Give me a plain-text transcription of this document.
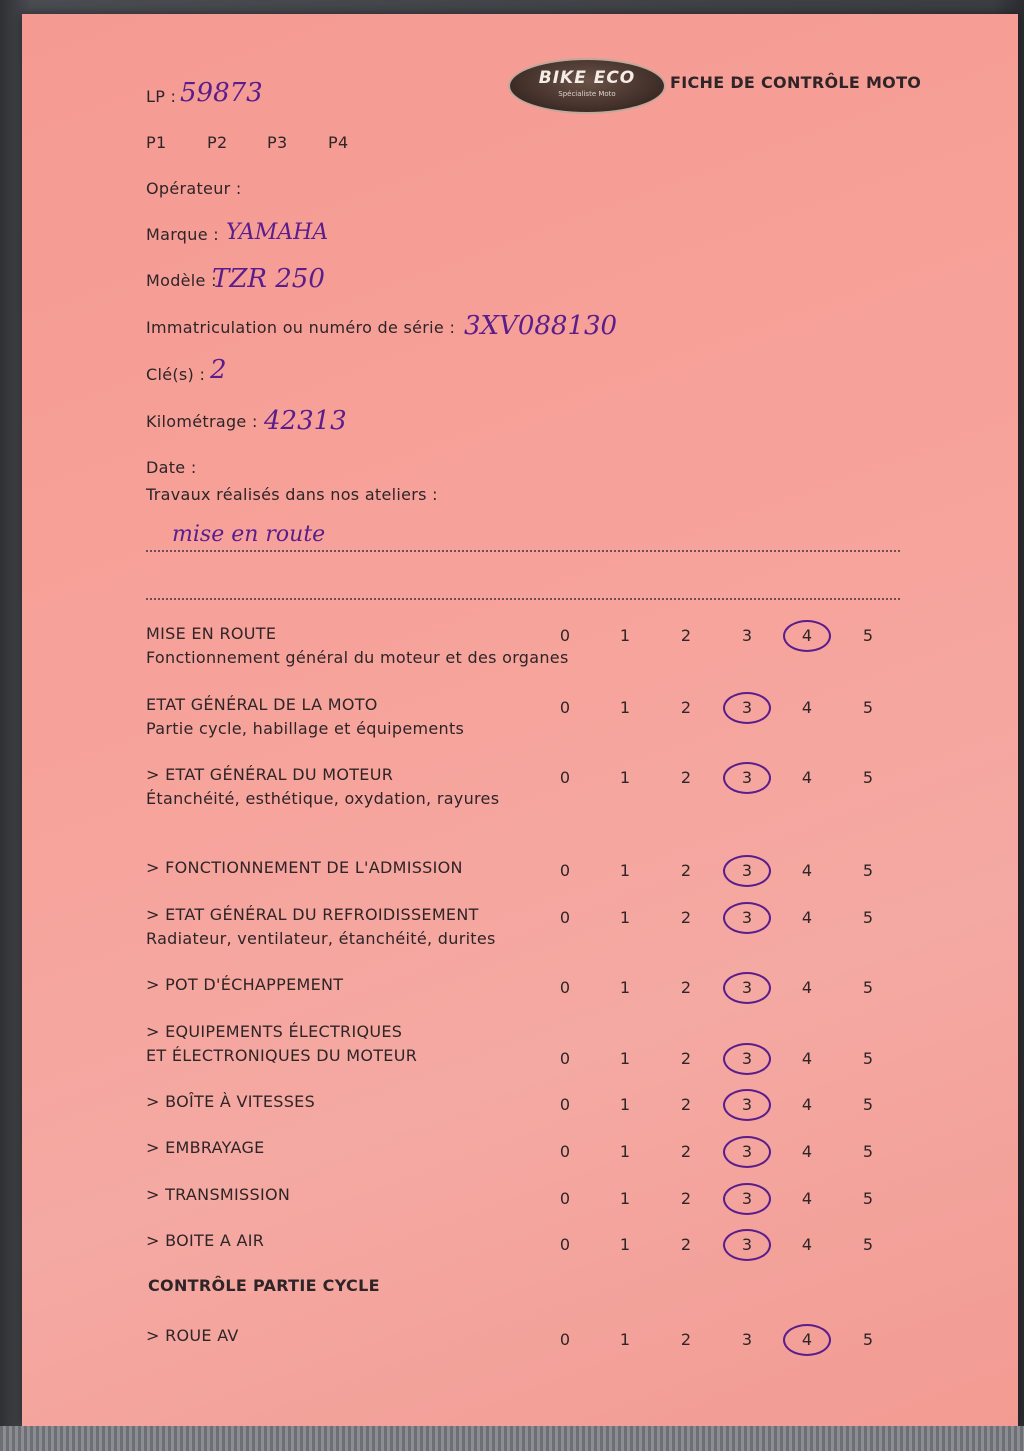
BIKE ECO
Spécialiste Moto
FICHE DE CONTRÔLE MOTO
LP : 59873
P1	P2 P3	P4
Opérateur :
Marque : YAMAHA
Modèle :
TZR 250
Immatriculation ou numéro de série : 3XV088130
Clé(s) : 2
Kilométrage : 42313
Date :
Travaux réalisés dans nos ateliers :
mise en route
MISE EN ROUTE
Fonctionnement général du moteur et des organes
0	1	2	3	4	5
ETAT GÉNÉRAL DE LA MOTO
Partie cycle, habillage et équipements
0	1	2	3	4	5
> ETAT GÉNÉRAL DU MOTEUR
Étanchéité, esthétique, oxydation, rayures
0	1	2	3	4	5
> FONCTIONNEMENT DE L'ADMISSION	0	1	2	3	4	5
> ETAT GÉNÉRAL DU REFROIDISSEMENT
Radiateur, ventilateur, étanchéité, durites
0	1	2	3	4	5
> POT D'ÉCHAPPEMENT	0	1	2	3	4	5
> EQUIPEMENTS ÉLECTRIQUES
ET ÉLECTRONIQUES DU MOTEUR	0	1	2	3	4	5
> BOÎTE À VITESSES	0	1	2	3	4	5
> EMBRAYAGE	0	1	2	3	4	5
> TRANSMISSION	0	1	2	3	4	5
> BOITE A AIR	0	1	2	3	4	5
CONTRÔLE PARTIE CYCLE
> ROUE AV	0	1	2	3	4	5
